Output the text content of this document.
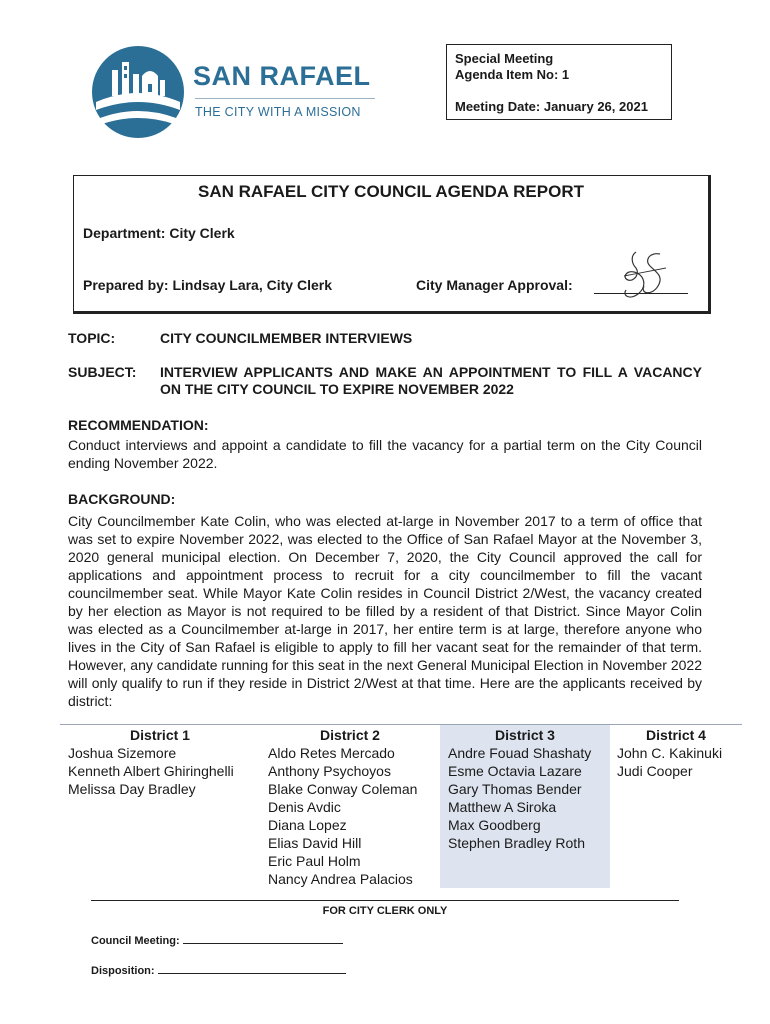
SAN RAFAEL
THE CITY WITH A MISSION
Special Meeting
Agenda Item No: 1
Meeting Date: January 26, 2021
SAN RAFAEL CITY COUNCIL AGENDA REPORT
Department: City Clerk
Prepared by: Lindsay Lara, City Clerk	City Manager Approval:
TOPIC:	CITY COUNCILMEMBER INTERVIEWS
SUBJECT: INTERVIEW APPLICANTS AND MAKE AN APPOINTMENT TO FILL A VACANCY ON THE CITY COUNCIL TO EXPIRE NOVEMBER 2022
RECOMMENDATION:
Conduct interviews and appoint a candidate to fill the vacancy for a partial term on the City Council ending November 2022.
BACKGROUND:
City Councilmember Kate Colin, who was elected at-large in November 2017 to a term of office that was set to expire November 2022, was elected to the Office of San Rafael Mayor at the November 3, 2020 general municipal election. On December 7, 2020, the City Council approved the call for applications and appointment process to recruit for a city councilmember to fill the vacant councilmember seat. While Mayor Kate Colin resides in Council District 2/West, the vacancy created by her election as Mayor is not required to be filled by a resident of that District. Since Mayor Colin was elected as a Councilmember at-large in 2017, her entire term is at large, therefore anyone who lives in the City of San Rafael is eligible to apply to fill her vacant seat for the remainder of that term. However, any candidate running for this seat in the next General Municipal Election in November 2022 will only qualify to run if they reside in District 2/West at that time. Here are the applicants received by district:
District 1
Joshua Sizemore
Kenneth Albert Ghiringhelli
Melissa Day Bradley
District 2
Aldo Retes Mercado
Anthony Psychoyos
Blake Conway Coleman
Denis Avdic
Diana Lopez
Elias David Hill
Eric Paul Holm
Nancy Andrea Palacios
District 3
Andre Fouad Shashaty
Esme Octavia Lazare
Gary Thomas Bender
Matthew A Siroka
Max Goodberg
Stephen Bradley Roth
District 4
John C. Kakinuki
Judi Cooper
FOR CITY CLERK ONLY
Council Meeting:
Disposition:
